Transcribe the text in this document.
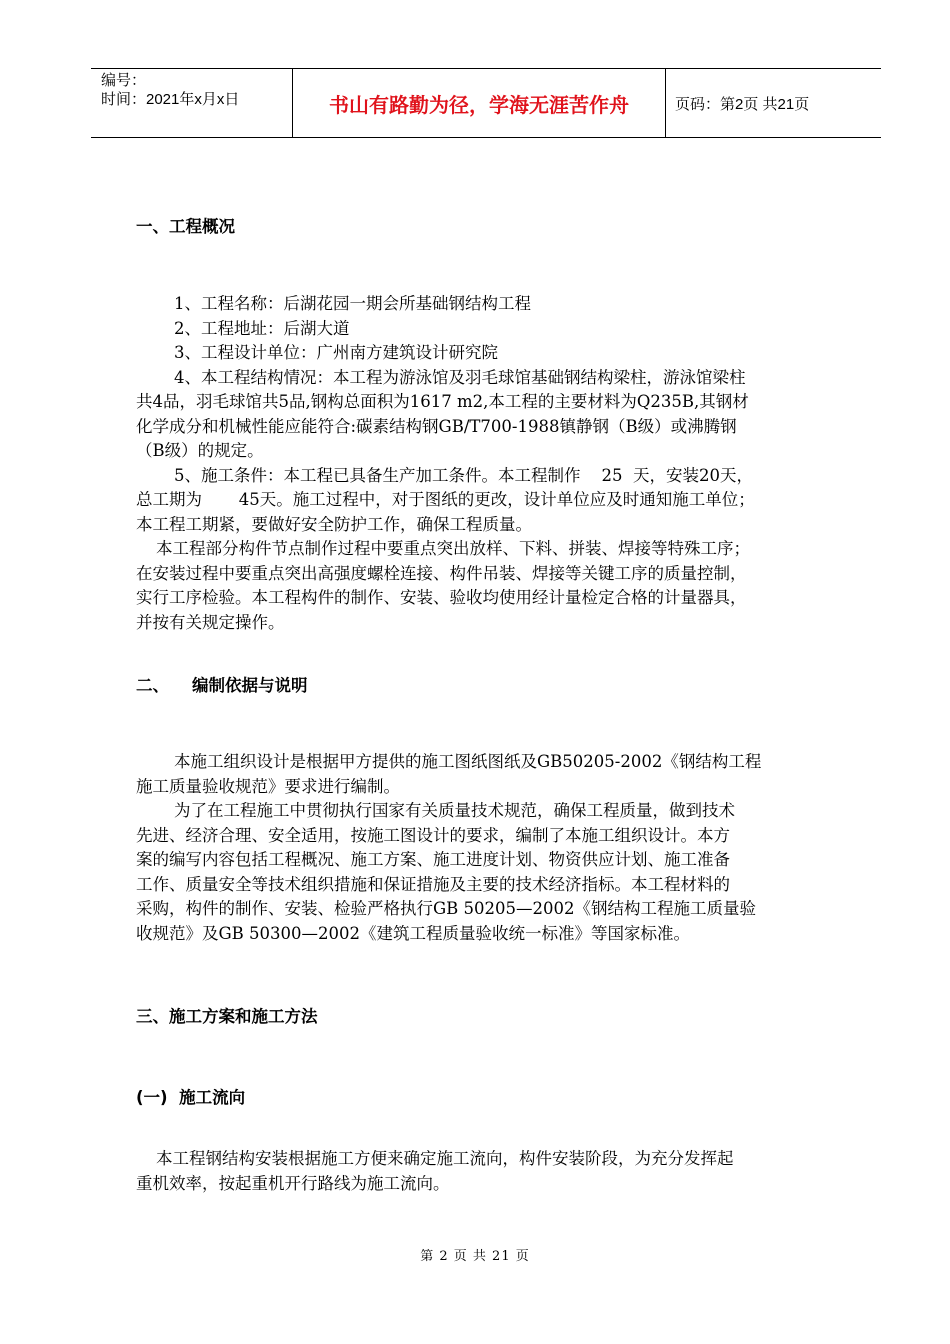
编号：
时间：2021年x月x日	书山有路勤为径，学海无涯苦作舟	页码：第2页 共21页
一、工程概况
1、工程名称：后湖花园一期会所基础钢结构工程
2、工程地址：后湖大道
3、工程设计单位：广州南方建筑设计研究院
4、本工程结构情况：本工程为游泳馆及羽毛球馆基础钢结构梁柱，游泳馆梁柱
共4品，羽毛球馆共5品,钢构总面积为1617 m2,本工程的主要材料为Q235B,其钢材
化学成分和机械性能应能符合:碳素结构钢GB/T700-1988镇静钢（B级）或沸腾钢
（B级）的规定。
5、施工条件：本工程已具备生产加工条件。本工程制作    25  天，安装20天，
总工期为       45天。施工过程中，对于图纸的更改，设计单位应及时通知施工单位；
本工程工期紧，要做好安全防护工作，确保工程质量。
本工程部分构件节点制作过程中要重点突出放样、下料、拼装、焊接等特殊工序；
在安装过程中要重点突出高强度螺栓连接、构件吊装、焊接等关键工序的质量控制，
实行工序检验。本工程构件的制作、安装、验收均使用经计量检定合格的计量器具，
并按有关规定操作。
二、    编制依据与说明
本施工组织设计是根据甲方提供的施工图纸图纸及GB50205-2002《钢结构工程
施工质量验收规范》要求进行编制。
为了在工程施工中贯彻执行国家有关质量技术规范，确保工程质量，做到技术
先进、经济合理、安全适用，按施工图设计的要求，编制了本施工组织设计。本方
案的编写内容包括工程概况、施工方案、施工进度计划、物资供应计划、施工准备
工作、质量安全等技术组织措施和保证措施及主要的技术经济指标。本工程材料的
采购，构件的制作、安装、检验严格执行GB 50205—2002《钢结构工程施工质量验
收规范》及GB 50300—2002《建筑工程质量验收统一标准》等国家标准。
三、施工方案和施工方法
(一)  施工流向
本工程钢结构安装根据施工方便来确定施工流向，构件安装阶段，为充分发挥起
重机效率，按起重机开行路线为施工流向。
第 2 页 共 21 页
